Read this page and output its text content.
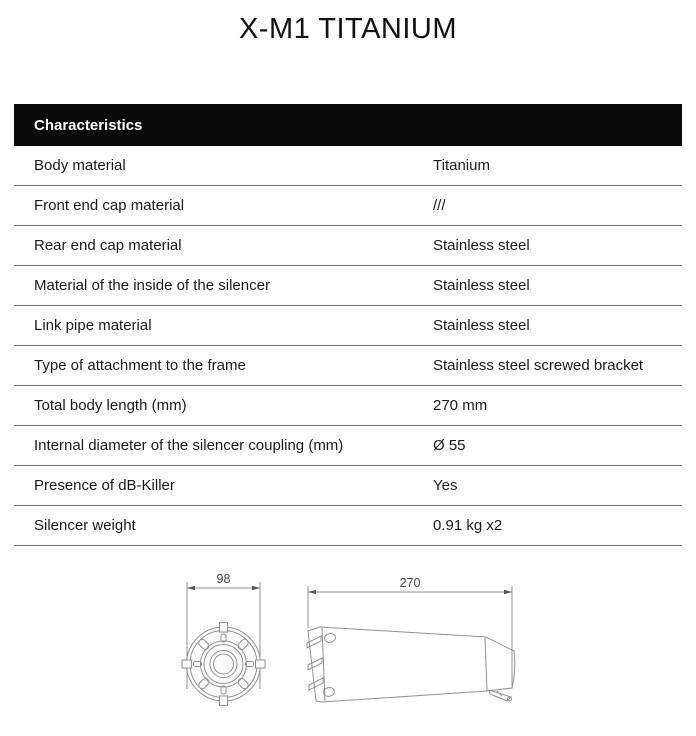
X-M1 TITANIUM
Characteristics
Body material	Titanium
Front end cap material	///
Rear end cap material	Stainless steel
Material of the inside of the silencer	Stainless steel
Link pipe material	Stainless steel
Type of attachment to the frame	Stainless steel screwed bracket
Total body length (mm)	270 mm
Internal diameter of the silencer coupling (mm)	Ø 55
Presence of dB-Killer	Yes
Silencer weight	0.91 kg x2
98	270
